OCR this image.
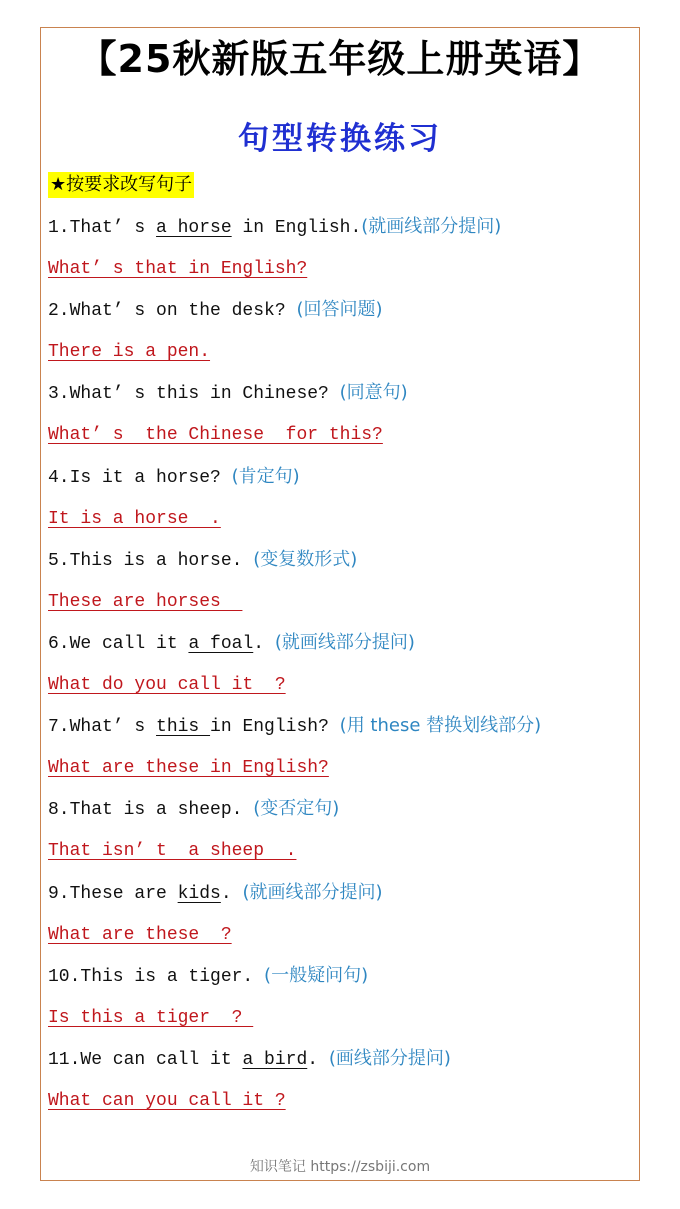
【25秋新版五年级上册英语】
句型转换练习
★按要求改写句子
1.That’ s a horse in English.(就画线部分提问)
What’ s that in English?
2.What’ s on the desk? (回答问题)
There is a pen.
3.What’ s this in Chinese? (同意句)
What’ s  the Chinese  for this?
4.Is it a horse? (肯定句)
It is a horse  .
5.This is a horse. (变复数形式)
These are horses
6.We call it a foal. (就画线部分提问)
What do you call it  ?
7.What’ s this in English? (用 these 替换划线部分)
What are these in English?
8.That is a sheep. (变否定句)
That isn’ t  a sheep  .
9.These are kids. (就画线部分提问)
What are these  ?
10.This is a tiger. (一般疑问句)
Is this a tiger  ?
11.We can call it a bird. (画线部分提问)
What can you call it ?
知识笔记 https://zsbiji.com
